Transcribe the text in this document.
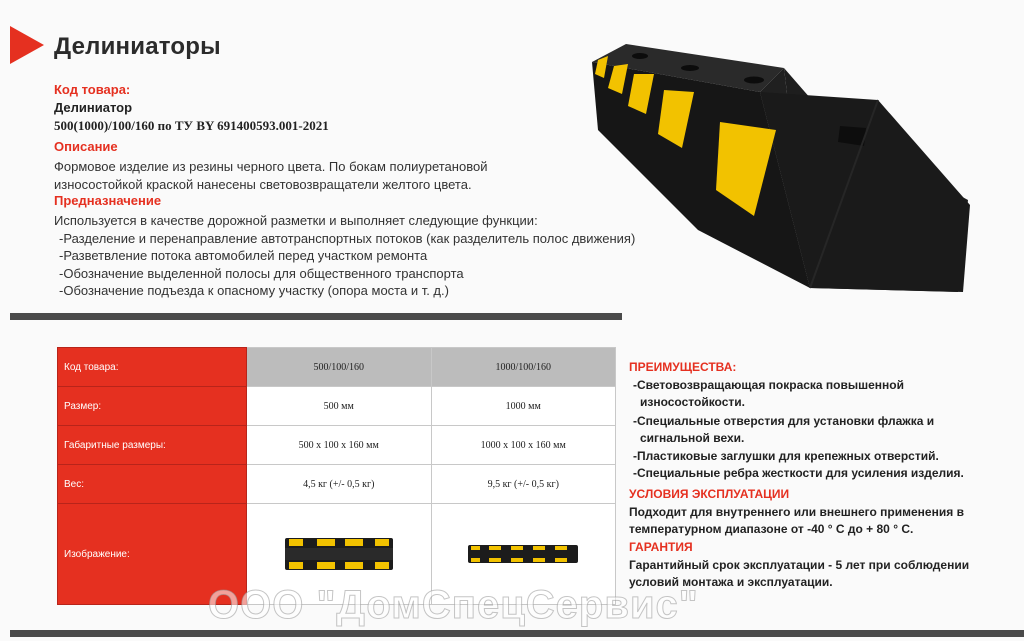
Делиниаторы
Код товара:
Делиниатор
500(1000)/100/160 по ТУ BY 691400593.001-2021
Описание
Формовое изделие из резины черного цвета. По бокам полиуретановой
износостойкой краской нанесены световозвращатели желтого цвета.
Предназначение
Используется в качестве дорожной разметки и выполняет следующие функции:
-Разделение и перенаправление автотранспортных потоков (как разделитель полос движения)
-Разветвление потока автомобилей перед участком ремонта
-Обозначение выделенной полосы для общественного транспорта
-Обозначение подъезда к опасному участку (опора моста и т. д.)
Код товара:	500/100/160	1000/100/160
Размер:	500 мм	1000 мм
Габаритные размеры:	500 x 100 x 160 мм	1000 x 100 x 160 мм
Вес:	4,5 кг (+/- 0,5 кг)	9,5 кг (+/- 0,5 кг)
Изображение:	

ПРЕИМУЩЕСТВА:
-Световозвращающая покраска повышенной
износостойкости.
-Специальные отверстия для установки флажка и
сигнальной вехи.
-Пластиковые заглушки для крепежных отверстий.
-Специальные ребра жесткости для усиления изделия.
УСЛОВИЯ ЭКСПЛУАТАЦИИ
Подходит для внутреннего или внешнего применения в
температурном диапазоне от -40 ° С до + 80 ° С.
ГАРАНТИЯ
Гарантийный срок эксплуатации - 5 лет при соблюдении
условий монтажа и эксплуатации.
ООО "ДомСпецСервис"
